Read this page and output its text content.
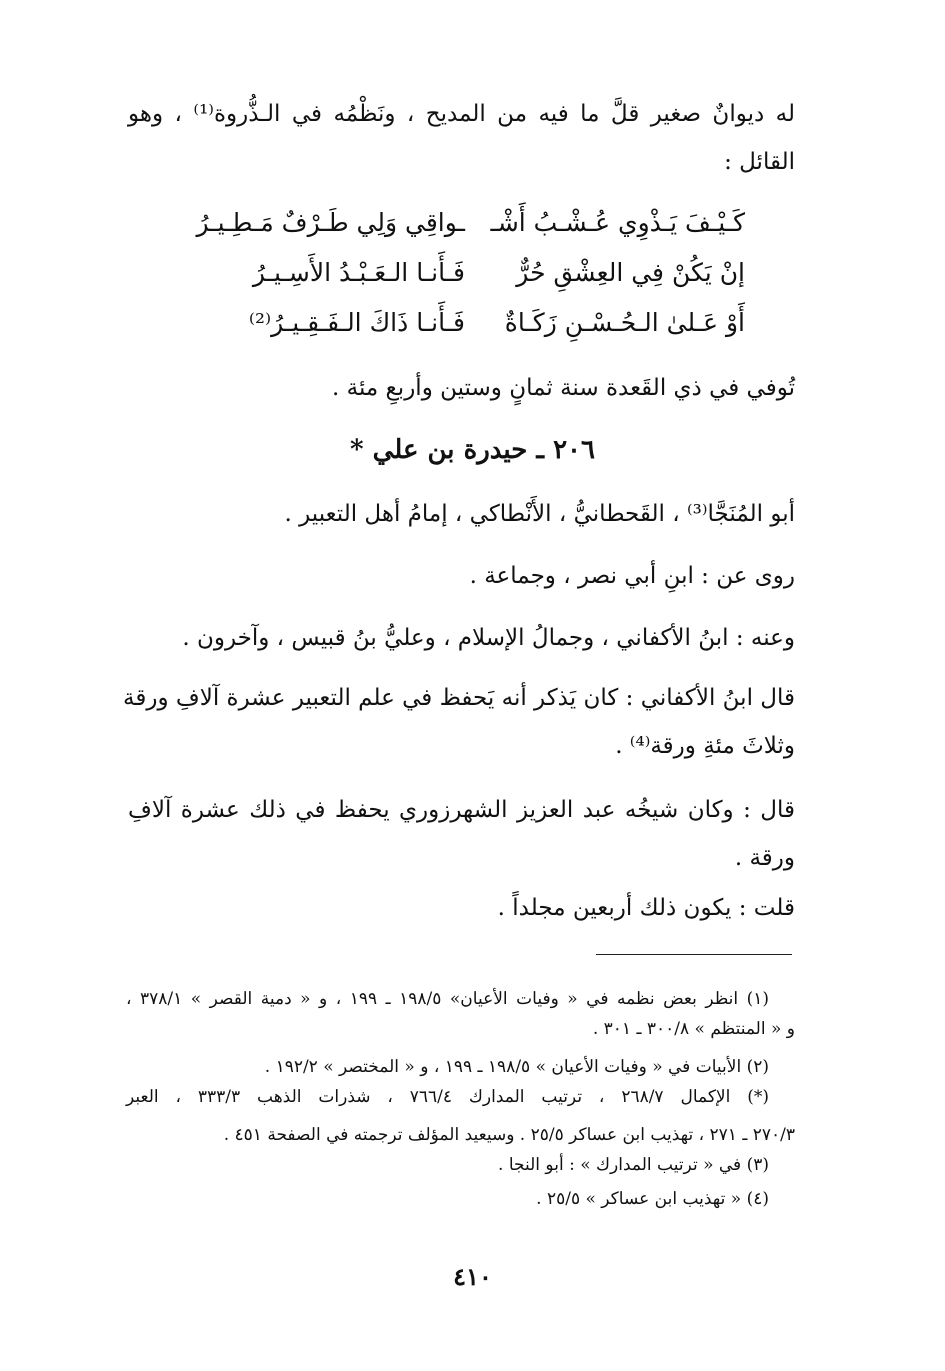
له ديوانٌ صغير قلَّ ما فيه من المديح ، ونَظْمُه في الـذُّروة⁽¹⁾ ، وهو
القائل :
كَـيْـفَ يَـذْوِي عُـشْـبُ أَشْـ
ـواقِي وَلِي طَـرْفٌ مَـطِـيـرُ
إنْ يَكُنْ فِي العِشْقِ حُرٌّ
فَـأَنـا الـعَـبْـدُ الأَسِـيـرُ
أَوْ عَـلىٰ الـحُـسْـنِ زَكَـاةٌ
فَـأَنـا ذَاكَ الـفَـقِـيـرُ⁽²⁾
تُوفي في ذي القَعدة سنة ثمانٍ وستين وأربعِ مئة .
٢٠٦ ـ حيدرة بن علي *
أبو المُنَجَّا⁽³⁾ ، القَحطانيُّ ، الأَنْطاكي ، إمامُ أهل التعبير .
روى عن : ابنِ أبي نصر ، وجماعة .
وعنه : ابنُ الأكفاني ، وجمالُ الإسلام ، وعليُّ بنُ قبيس ، وآخرون .
قال ابنُ الأكفاني : كان يَذكر أنه يَحفظ في علم التعبير عشرة آلافِ ورقة
وثلاثَ مئةِ ورقة⁽⁴⁾ .
قال : وكان شيخُه عبد العزيز الشهرزوري يحفظ في ذلك عشرة آلافِ
ورقة .
قلت : يكون ذلك أربعين مجلداً .
(١) انظر بعض نظمه في « وفيات الأعيان» ١٩٨/٥ ـ ١٩٩ ، و « دمية القصر » ٣٧٨/١ ،
و « المنتظم » ٣٠٠/٨ ـ ٣٠١ .
(٢) الأبيات في « وفيات الأعيان » ١٩٨/٥ ـ ١٩٩ ، و « المختصر » ١٩٢/٢ .
(*) الإكمال ٢٦٨/٧ ، ترتيب المدارك ٧٦٦/٤ ، شذرات الذهب ٣٣٣/٣ ، العبر
٢٧٠/٣ ـ ٢٧١ ، تهذيب ابن عساكر ٢٥/٥ . وسيعيد المؤلف ترجمته في الصفحة ٤٥١ .
(٣) في « ترتيب المدارك » : أبو النجا .
(٤) « تهذيب ابن عساكر » ٢٥/٥ .
٤١٠
